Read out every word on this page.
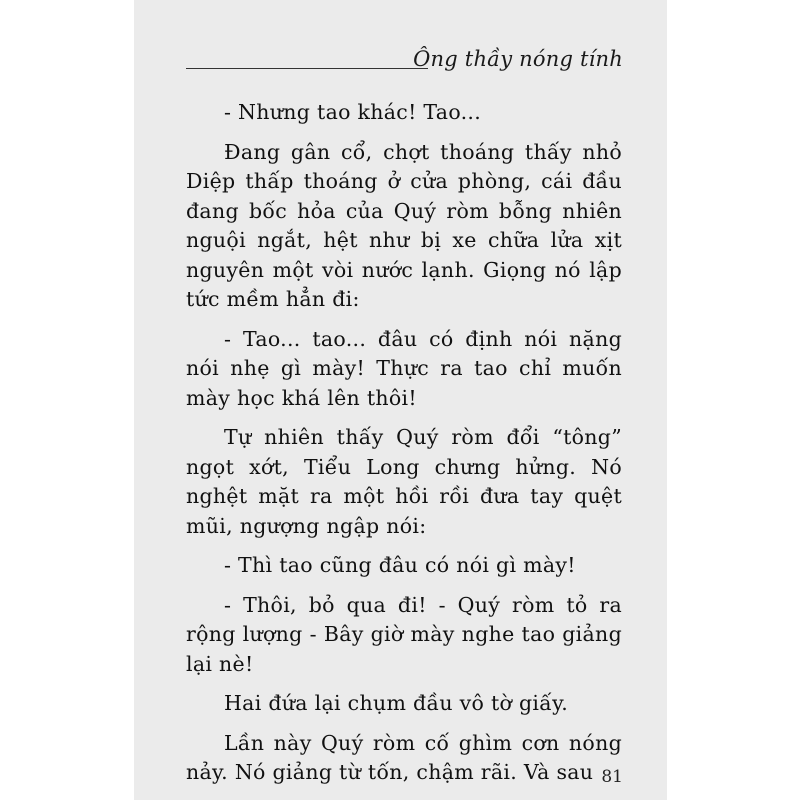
Ông thầy nóng tính

- Nhưng tao khác! Tao...

Đang gân cổ, chợt thoáng thấy nhỏ Diệp thấp thoáng ở cửa phòng, cái đầu đang bốc hỏa của Quý ròm bỗng nhiên nguội ngắt, hệt như bị xe chữa lửa xịt nguyên một vòi nước lạnh. Giọng nó lập tức mềm hẳn đi:

- Tao... tao... đâu có định nói nặng nói nhẹ gì mày! Thực ra tao chỉ muốn mày học khá lên thôi!

Tự nhiên thấy Quý ròm đổi “tông” ngọt xớt, Tiểu Long chưng hửng. Nó nghệt mặt ra một hồi rồi đưa tay quệt mũi, ngượng ngập nói:

- Thì tao cũng đâu có nói gì mày!

- Thôi, bỏ qua đi! - Quý ròm tỏ ra rộng lượng - Bây giờ mày nghe tao giảng lại nè!

Hai đứa lại chụm đầu vô tờ giấy.

Lần này Quý ròm cố ghìm cơn nóng nảy. Nó giảng từ tốn, chậm rãi. Và sau 81
